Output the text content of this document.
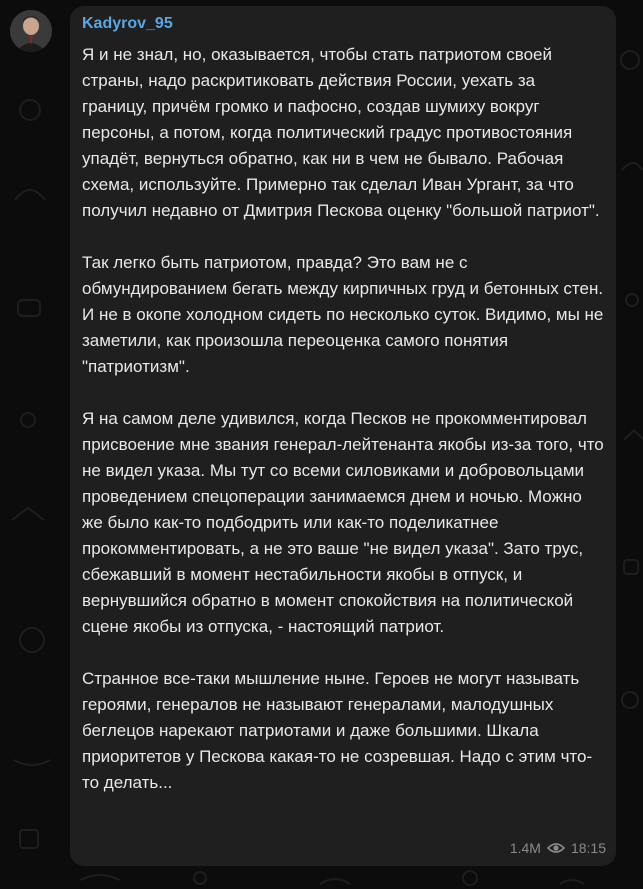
Kadyrov_95

Я и не знал, но, оказывается, чтобы стать патриотом своей страны, надо раскритиковать действия России, уехать за границу, причём громко и пафосно, создав шумиху вокруг персоны, а потом, когда политический градус противостояния упадёт, вернуться обратно, как ни в чем не бывало. Рабочая схема, используйте. Примерно так сделал Иван Ургант, за что получил недавно от Дмитрия Пескова оценку "большой патриот".

Так легко быть патриотом, правда? Это вам не с обмундированием бегать между кирпичных груд и бетонных стен. И не в окопе холодном сидеть по несколько суток. Видимо, мы не заметили, как произошла переоценка самого понятия "патриотизм".

Я на самом деле удивился, когда Песков не прокомментировал присвоение мне звания генерал-лейтенанта якобы из-за того, что не видел указа. Мы тут со всеми силовиками и добровольцами проведением спецоперации занимаемся днем и ночью. Можно же было как-то подбодрить или как-то поделикатнее прокомментировать, а не это ваше "не видел указа". Зато трус, сбежавший в момент нестабильности якобы в отпуск, и вернувшийся обратно в момент спокойствия на политической сцене якобы из отпуска, - настоящий патриот.

Странное все-таки мышление ныне. Героев не могут называть героями, генералов не называют генералами, малодушных беглецов нарекают патриотами и даже большими. Шкала приоритетов у Пескова какая-то не созревшая. Надо с этим что-то делать...

1.4M 18:15
